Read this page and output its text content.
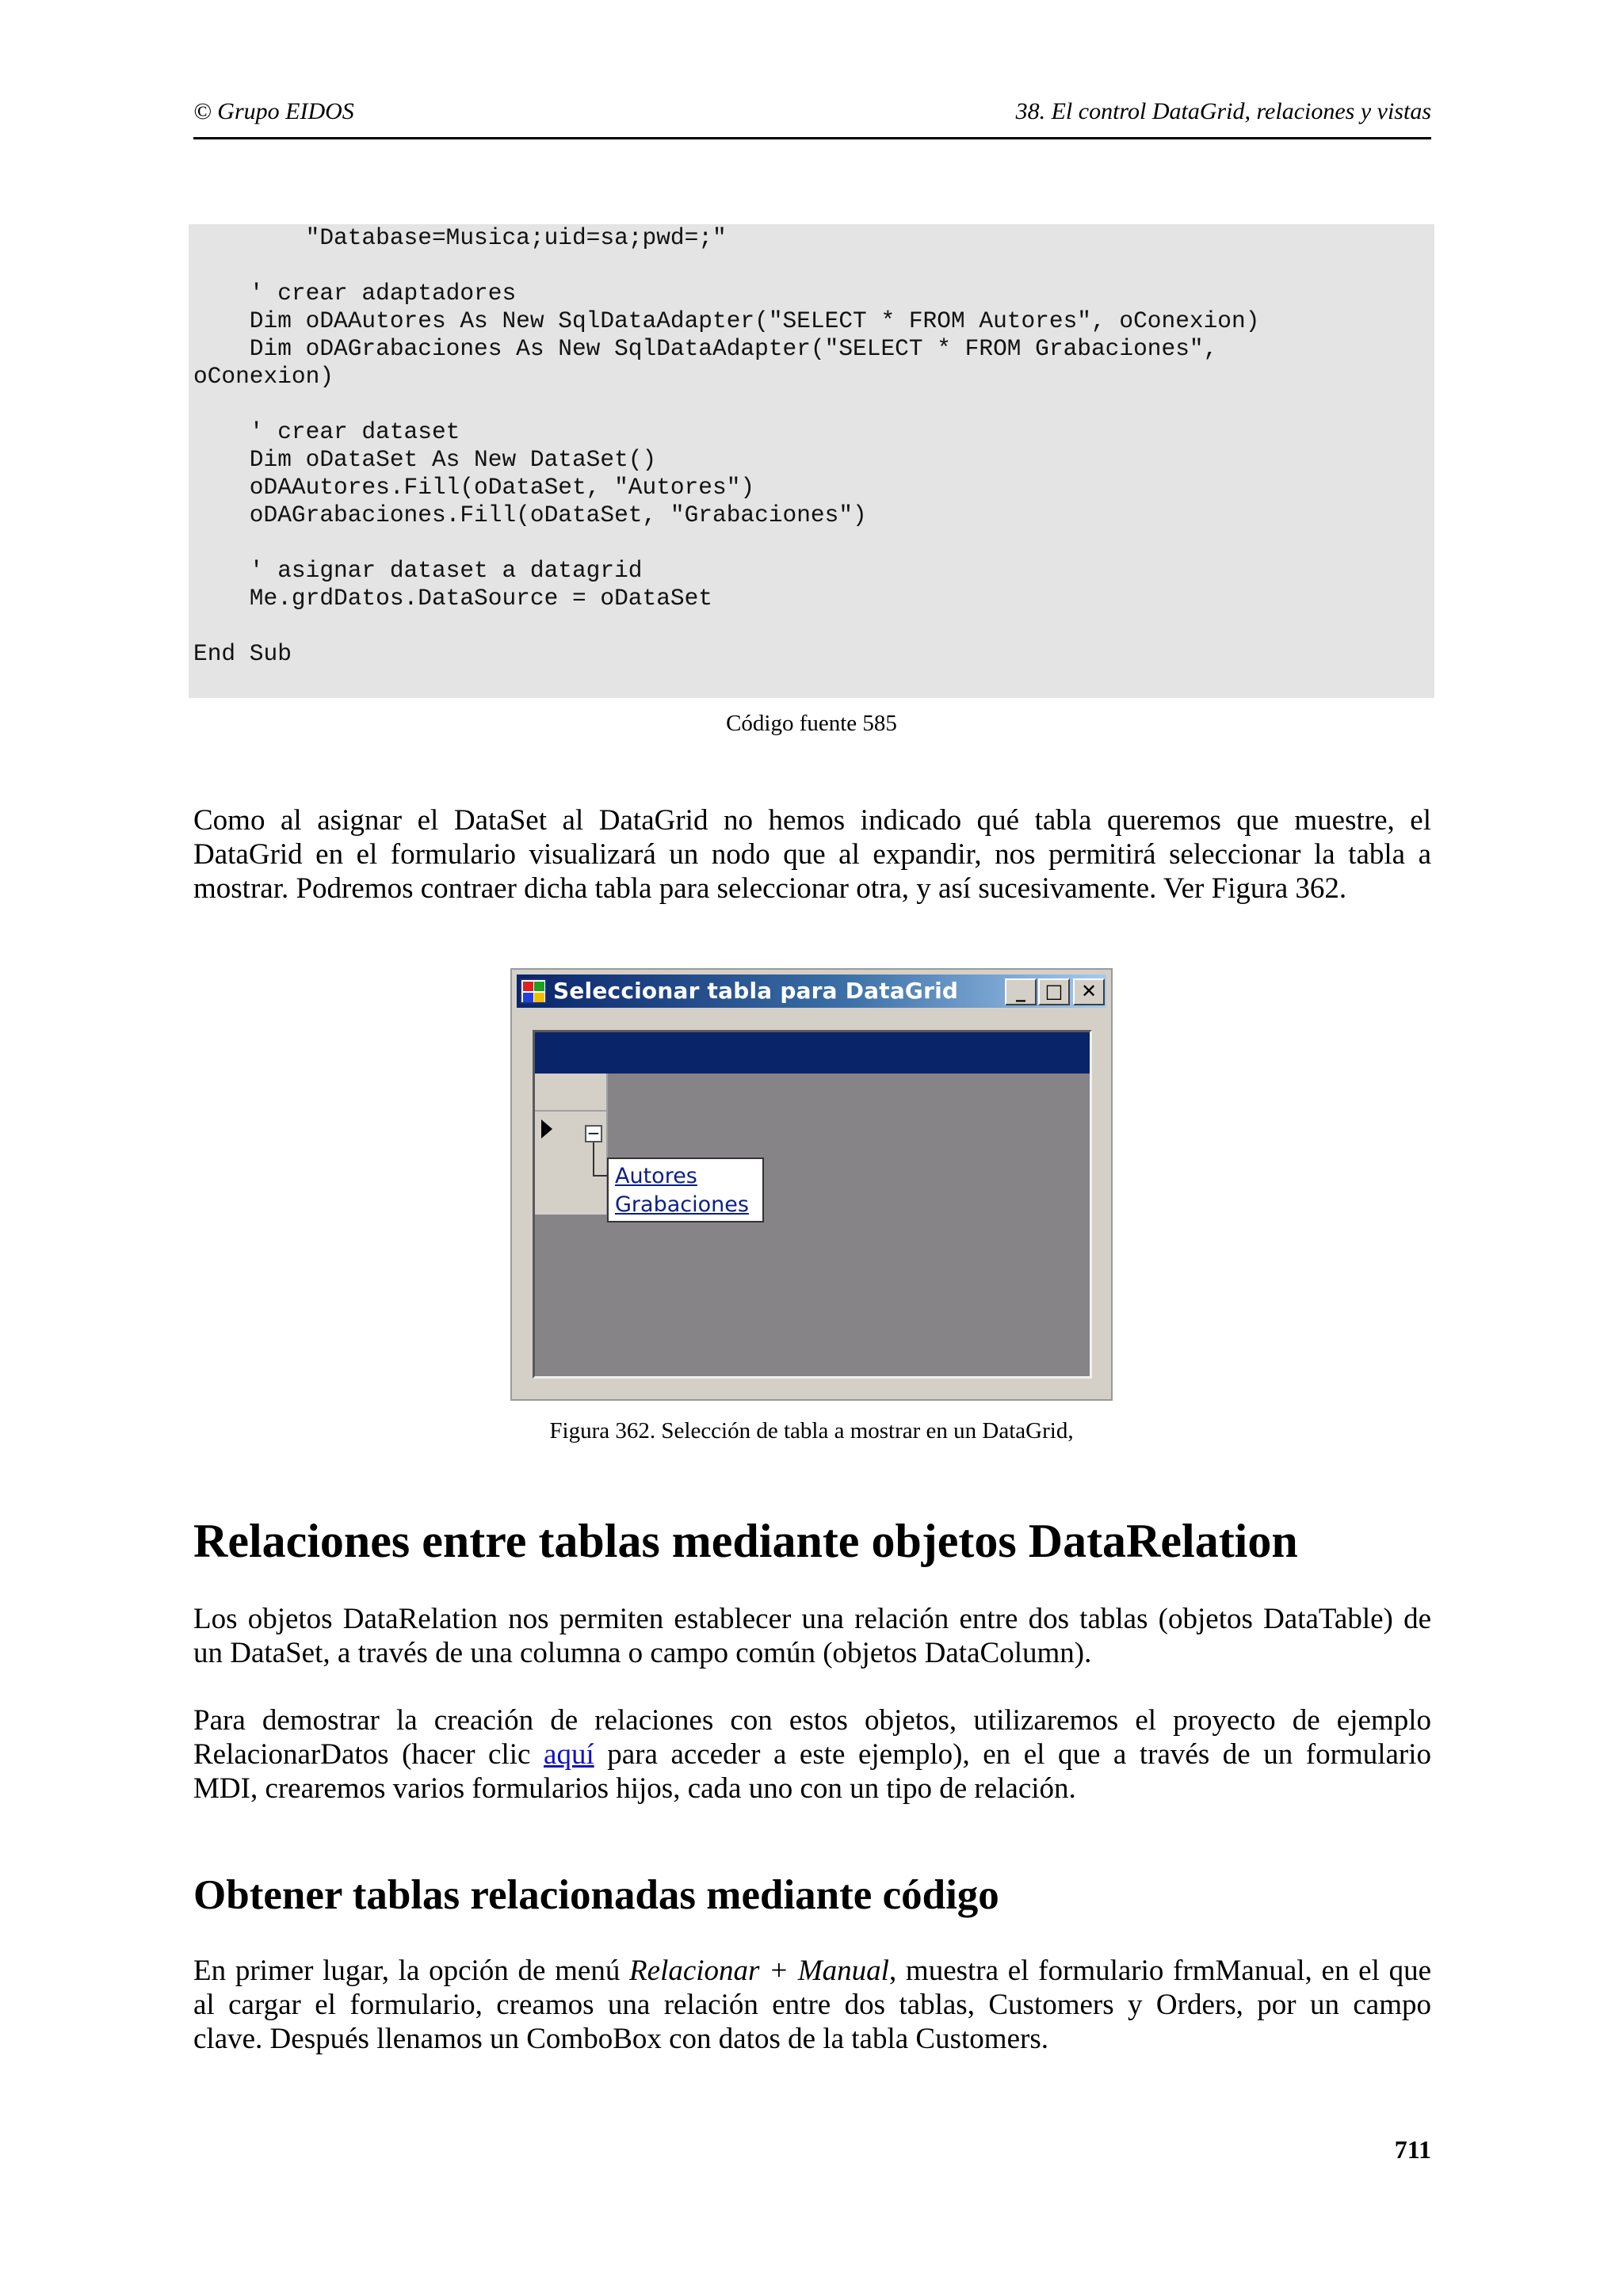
© Grupo EIDOS	38. El control DataGrid, relaciones y vistas
"Database=Musica;uid=sa;pwd=;"
' crear adaptadores
Dim oDAAutores As New SqlDataAdapter("SELECT * FROM Autores", oConexion)
Dim oDAGrabaciones As New SqlDataAdapter("SELECT * FROM Grabaciones",
oConexion)
' crear dataset
Dim oDataSet As New DataSet()
oDAAutores.Fill(oDataSet, "Autores")
oDAGrabaciones.Fill(oDataSet, "Grabaciones")
' asignar dataset a datagrid
Me.grdDatos.DataSource = oDataSet
End Sub
Código fuente 585
Como al asignar el DataSet al DataGrid no hemos indicado qué tabla queremos que muestre, el
DataGrid en el formulario visualizará un nodo que al expandir, nos permitirá seleccionar la tabla a
mostrar. Podremos contraer dicha tabla para seleccionar otra, y así sucesivamente. Ver Figura 362.
Seleccionar tabla para DataGrid	_	□ ✕
−
Autores
Grabaciones
Figura 362. Selección de tabla a mostrar en un DataGrid,
Relaciones entre tablas mediante objetos DataRelation
Los objetos DataRelation nos permiten establecer una relación entre dos tablas (objetos DataTable) de
un DataSet, a través de una columna o campo común (objetos DataColumn).
Para demostrar la creación de relaciones con estos objetos, utilizaremos el proyecto de ejemplo
RelacionarDatos (hacer clic aquí para acceder a este ejemplo), en el que a través de un formulario
MDI, crearemos varios formularios hijos, cada uno con un tipo de relación.
Obtener tablas relacionadas mediante código
En primer lugar, la opción de menú Relacionar + Manual, muestra el formulario frmManual, en el que
al cargar el formulario, creamos una relación entre dos tablas, Customers y Orders, por un campo
clave. Después llenamos un ComboBox con datos de la tabla Customers.
711
